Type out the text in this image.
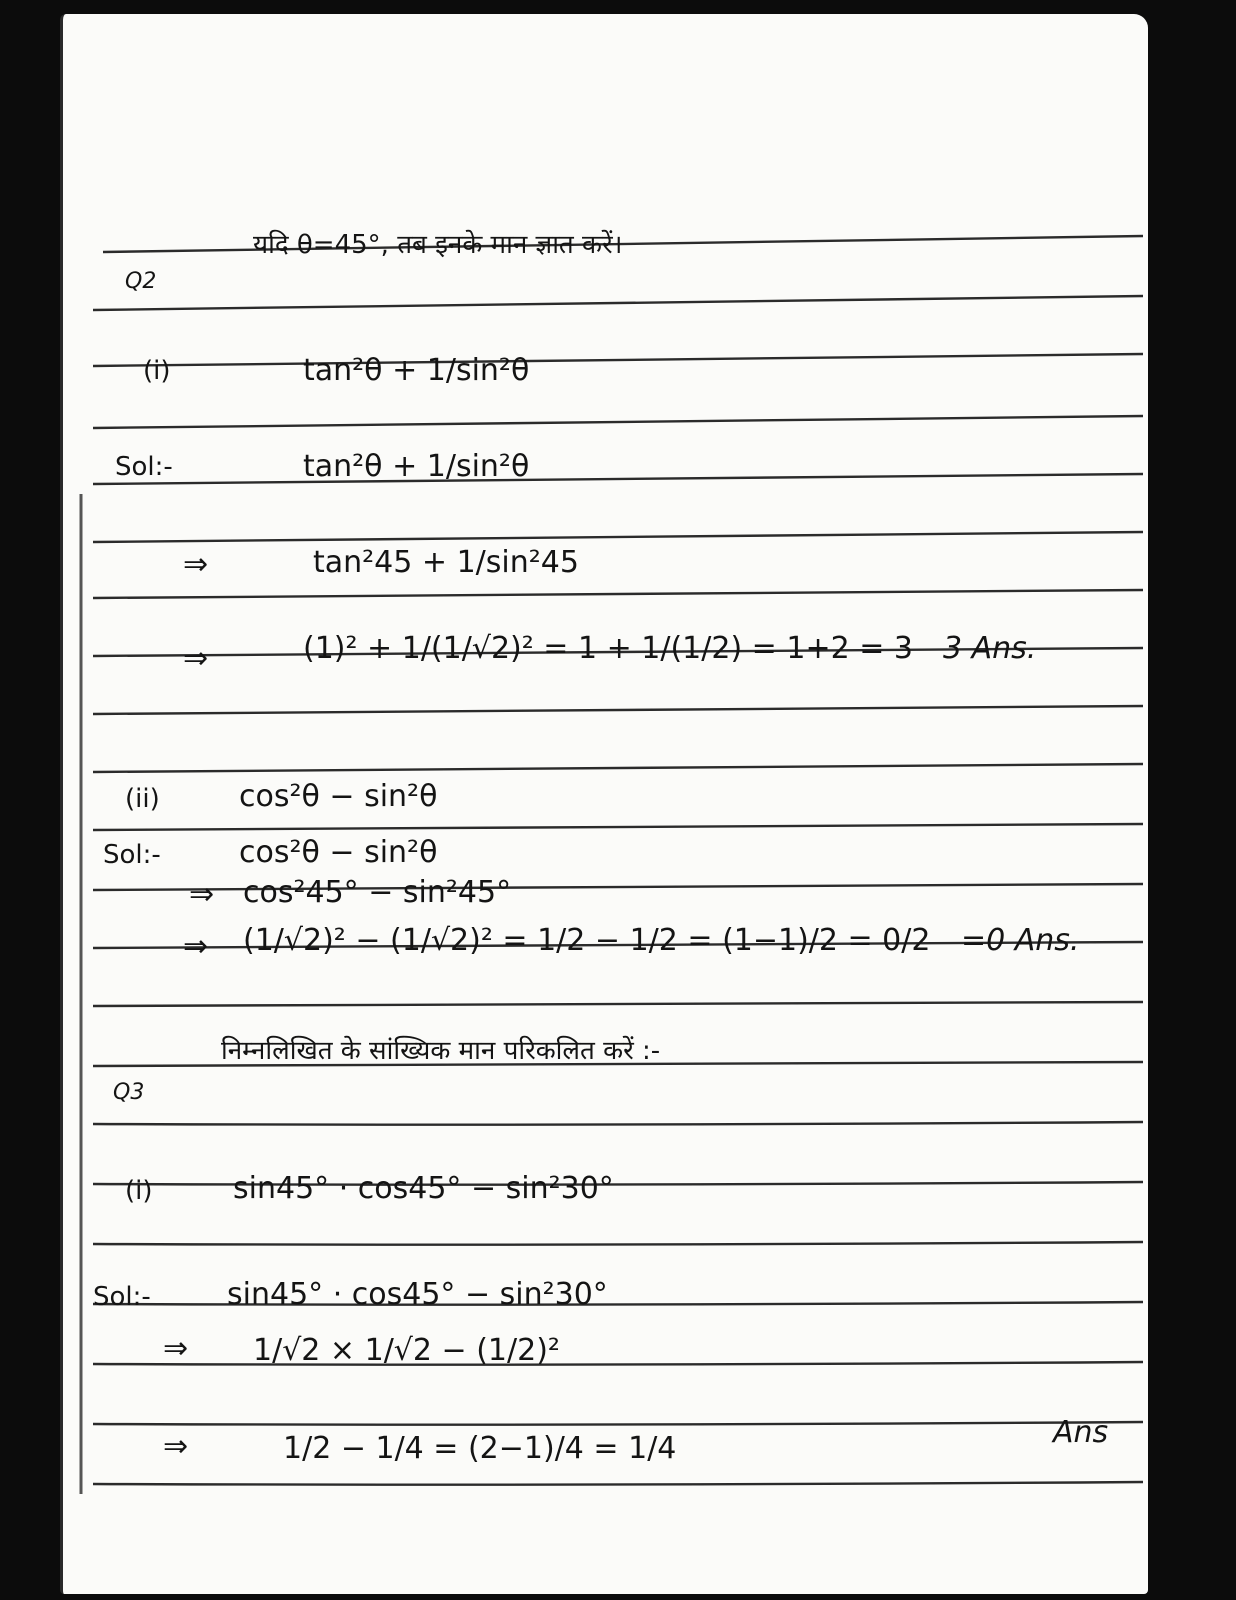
Q2
यदि θ=45°, तब इनके मान ज्ञात करें।
(i)	tan²θ + 1/sin²θ
Sol:-	tan²θ + 1/sin²θ
⇒	tan²45 + 1/sin²45
⇒	(1)² + 1/(1/√2)² = 1 + 1/(1/2) = 1+2 = 3 3 Ans.
(ii)	cos²θ − sin²θ
Sol:-	cos²θ − sin²θ
⇒ cos²45° − sin²45°
⇒ (1/√2)² − (1/√2)² = 1/2 − 1/2 = (1−1)/2 = 0/2 =0 Ans.
Q3
निम्नलिखित के सांख्यिक मान परिकलित करें :-
(i)	sin45° · cos45° − sin²30°
Sol:-	sin45° · cos45° − sin²30°
⇒ 1/√2 × 1/√2 − (1/2)²
⇒	1/2 − 1/4 = (2−1)/4 = 1/4	Ans
